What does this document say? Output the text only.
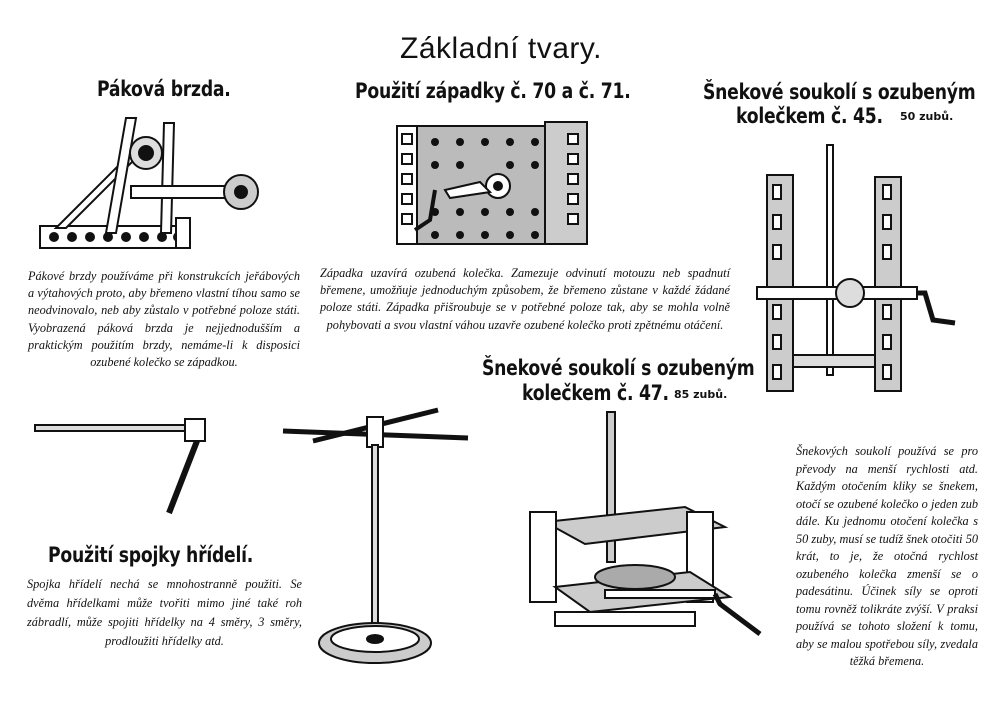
Základní tvary.
Páková brzda.	Použití západky č. 70 a č. 71.	Šnekové soukolí s ozubeným
kolečkem č. 45.	50 zubů.
Šnekové soukolí s ozubeným
kolečkem č. 47. 85 zubů.
Použití spojky hřídelí.
Pákové brzdy používáme při konstrukcích jeřábových a výtahových proto, aby břemeno vlastní tíhou samo se neodvinovalo, neb aby zůstalo v potřebné poloze státi. Vyobrazená páková brzda je nejjednodušším a praktickým použitím brzdy, nemáme-li k disposici ozubené kolečko se západkou.
Západka uzavírá ozubená kolečka. Zamezuje odvinutí motouzu neb spadnutí břemene, umožňuje jednoduchým způsobem, že břemeno zůstane v každé žádané poloze státi. Západka přišroubuje se v potřebné poloze tak, aby se mohla volně pohybovati a svou vlastní váhou uzavře ozubené kolečko proti zpětnému otáčení.
Šnekových soukolí používá se pro převody na menší rychlosti atd. Každým otočením kliky se šnekem, otočí se ozubené kolečko o jeden zub dále. Ku jednomu otočení kolečka s 50 zuby, musí se tudíž šnek otočiti 50 krát, to je, že otočná rychlost ozubeného kolečka zmenší se o padesátinu. Účinek síly se oproti tomu rovněž tolikráte zvýší. V praksi používá se tohoto složení k tomu, aby se malou spotřebou síly, zvedala těžká břemena.
Spojka hřídelí nechá se mnohostranně použiti. Se dvěma hřídelkami může tvořiti mimo jiné také roh zábradlí, může spojiti hřídelky na 4 směry, 3 směry, prodloužiti hřídelky atd.
